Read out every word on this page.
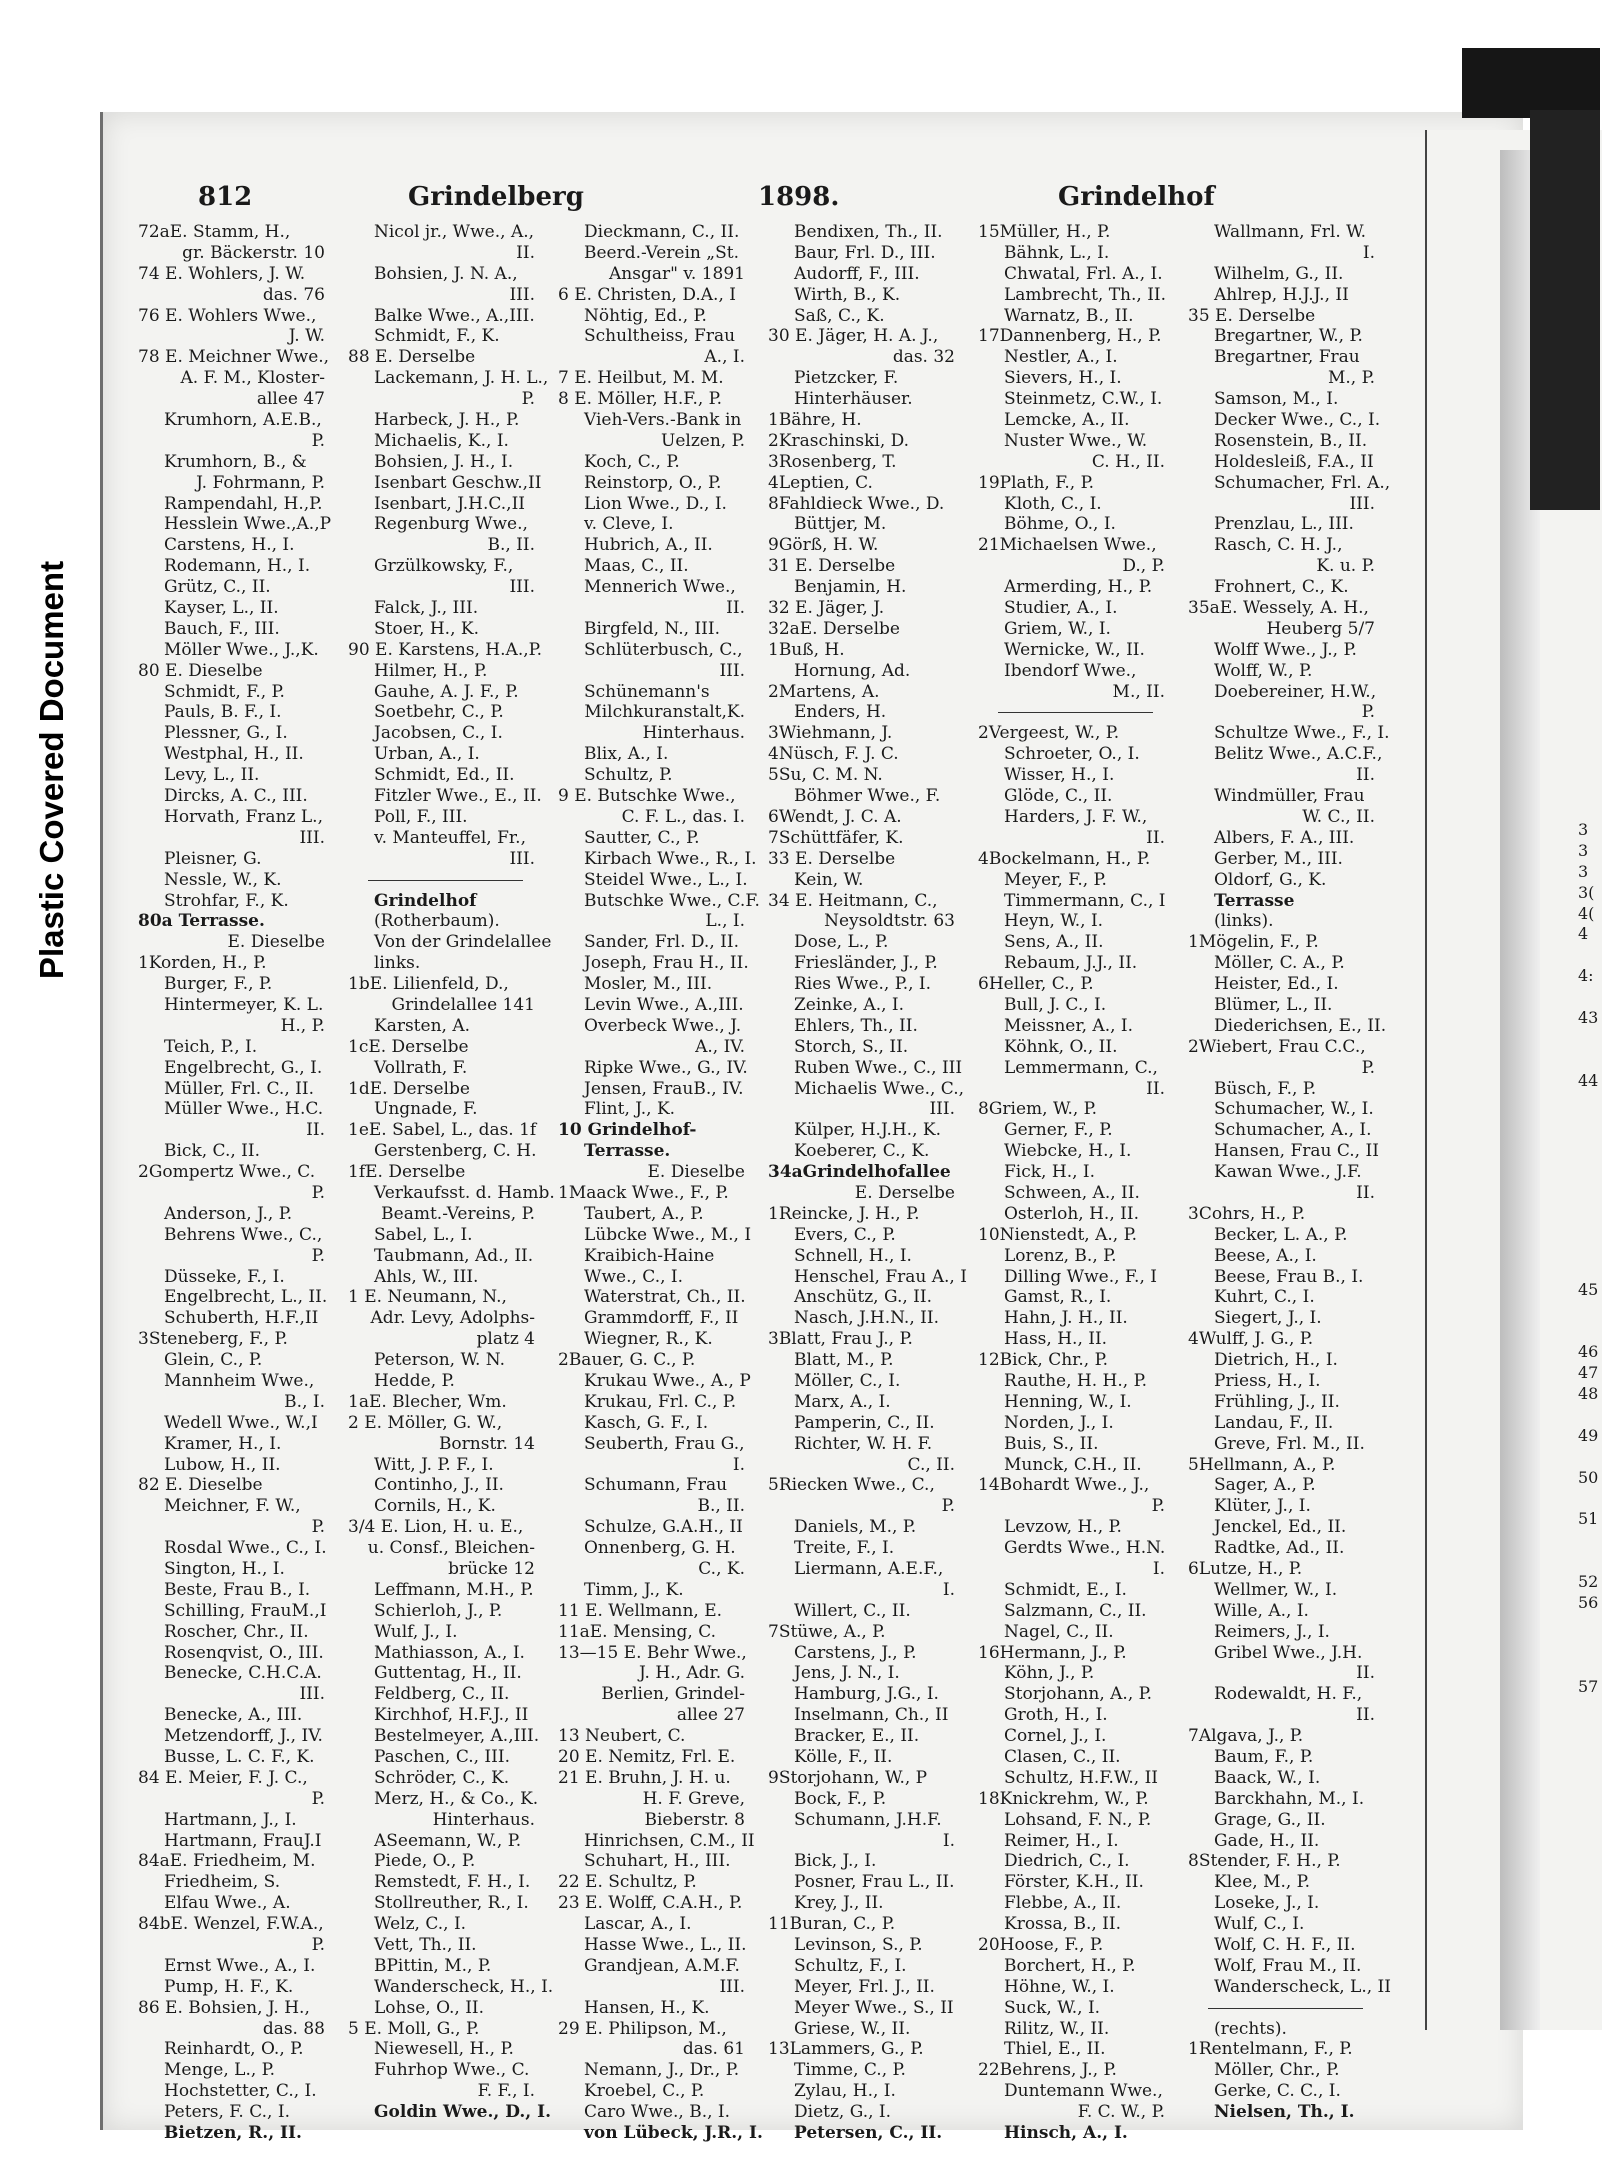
Plastic Covered Document
812	Grindelberg	1898.	Grindelhof
72aE. Stamm, H.,
gr. Bäckerstr. 10
74 E. Wohlers, J. W.
das. 76
76 E. Wohlers Wwe.,
J. W.
78 E. Meichner Wwe.,
A. F. M., Kloster-
allee 47
Krumhorn, A.E.B.,
P.
Krumhorn, B., &
J. Fohrmann, P.
Rampendahl, H.,P.
Hesslein Wwe.,A.,P
Carstens, H., I.
Rodemann, H., I.
Grütz, C., II.
Kayser, L., II.
Bauch, F., III.
Möller Wwe., J.,K.
80 E. Dieselbe
Schmidt, F., P.
Pauls, B. F., I.
Plessner, G., I.
Westphal, H., II.
Levy, L., II.
Dircks, A. C., III.
Horvath, Franz L.,
III.
Pleisner, G.
Nessle, W., K.
Strohfar, F., K.
80a Terrasse.
E. Dieselbe
1Korden, H., P.
Burger, F., P.
Hintermeyer, K. L.
H., P.
Teich, P., I.
Engelbrecht, G., I.
Müller, Frl. C., II.
Müller Wwe., H.C.
II.
Bick, C., II.
2Gompertz Wwe., C.
P.
Anderson, J., P.
Behrens Wwe., C.,
P.
Düsseke, F., I.
Engelbrecht, L., II.
Schuberth, H.F.,II
3Steneberg, F., P.
Glein, C., P.
Mannheim Wwe.,
B., I.
Wedell Wwe., W.,I
Kramer, H., I.
Lubow, H., II.
82 E. Dieselbe
Meichner, F. W.,
P.
Rosdal Wwe., C., I.
Sington, H., I.
Beste, Frau B., I.
Schilling, FrauM.,I
Roscher, Chr., II.
Rosenqvist, O., III.
Benecke, C.H.C.A.
III.
Benecke, A., III.
Metzendorff, J., IV.
Busse, L. C. F., K.
84 E. Meier, F. J. C.,
P.
Hartmann, J., I.
Hartmann, FrauJ.I
84aE. Friedheim, M.
Friedheim, S.
Elfau Wwe., A.
84bE. Wenzel, F.W.A.,
P.
Ernst Wwe., A., I.
Pump, H. F., K.
86 E. Bohsien, J. H.,
das. 88
Reinhardt, O., P.
Menge, L., P.
Hochstetter, C., I.
Peters, F. C., I.
Bietzen, R., II.
Nicol jr., Wwe., A.,
II.
Bohsien, J. N. A.,
III.
Balke Wwe., A.,III.
Schmidt, F., K.
88 E. Derselbe
Lackemann, J. H. L.,
P.
Harbeck, J. H., P.
Michaelis, K., I.
Bohsien, J. H., I.
Isenbart Geschw.,II
Isenbart, J.H.C.,II
Regenburg Wwe.,
B., II.
Grzülkowsky, F.,
III.
Falck, J., III.
Stoer, H., K.
90 E. Karstens, H.A.,P.
Hilmer, H., P.
Gauhe, A. J. F., P.
Soetbehr, C., P.
Jacobsen, C., I.
Urban, A., I.
Schmidt, Ed., II.
Fitzler Wwe., E., II.
Poll, F., III.
v. Manteuffel, Fr.,
III.
Grindelhof
(Rotherbaum).
Von der Grindelallee
links.
1bE. Lilienfeld, D.,
Grindelallee 141
Karsten, A.
1cE. Derselbe
Vollrath, F.
1dE. Derselbe
Ungnade, F.
1eE. Sabel, L., das. 1f
Gerstenberg, C. H.
1fE. Derselbe
Verkaufsst. d. Hamb.
Beamt.-Vereins, P.
Sabel, L., I.
Taubmann, Ad., II.
Ahls, W., III.
1 E. Neumann, N.,
Adr. Levy, Adolphs-
platz 4
Peterson, W. N.
Hedde, P.
1aE. Blecher, Wm.
2 E. Möller, G. W.,
Bornstr. 14
Witt, J. P. F., I.
Continho, J., II.
Cornils, H., K.
3/4 E. Lion, H. u. E.,
u. Consf., Bleichen-
brücke 12
Leffmann, M.H., P.
Schierloh, J., P.
Wulf, J., I.
Mathiasson, A., I.
Guttentag, H., II.
Feldberg, C., II.
Kirchhof, H.F.J., II
Bestelmeyer, A.,III.
Paschen, C., III.
Schröder, C., K.
Merz, H., & Co., K.
Hinterhaus.
ASeemann, W., P.
Piede, O., P.
Remstedt, F. H., I.
Stollreuther, R., I.
Welz, C., I.
Vett, Th., II.
BPittin, M., P.
Wanderscheck, H., I.
Lohse, O., II.
5 E. Moll, G., P.
Niewesell, H., P.
Fuhrhop Wwe., C.
F. F., I.
Goldin Wwe., D., I.
Dieckmann, C., II.
Beerd.-Verein „St.
Ansgar" v. 1891
6 E. Christen, D.A., I
Nöhtig, Ed., P.
Schultheiss, Frau
A., I.
7 E. Heilbut, M. M.
8 E. Möller, H.F., P.
Vieh-Vers.-Bank in
Uelzen, P.
Koch, C., P.
Reinstorp, O., P.
Lion Wwe., D., I.
v. Cleve, I.
Hubrich, A., II.
Maas, C., II.
Mennerich Wwe.,
II.
Birgfeld, N., III.
Schlüterbusch, C.,
III.
Schünemann's
Milchkuranstalt,K.
Hinterhaus.
Blix, A., I.
Schultz, P.
9 E. Butschke Wwe.,
C. F. L., das. I.
Sautter, C., P.
Kirbach Wwe., R., I.
Steidel Wwe., L., I.
Butschke Wwe., C.F.
L., I.
Sander, Frl. D., II.
Joseph, Frau H., II.
Mosler, M., III.
Levin Wwe., A.,III.
Overbeck Wwe., J.
A., IV.
Ripke Wwe., G., IV.
Jensen, FrauB., IV.
Flint, J., K.
10 Grindelhof-
Terrasse.
E. Dieselbe
1Maack Wwe., F., P.
Taubert, A., P.
Lübcke Wwe., M., I
Kraibich-Haine
Wwe., C., I.
Waterstrat, Ch., II.
Grammdorff, F., II
Wiegner, R., K.
2Bauer, G. C., P.
Krukau Wwe., A., P
Krukau, Frl. C., P.
Kasch, G. F., I.
Seuberth, Frau G.,
I.
Schumann, Frau
B., II.
Schulze, G.A.H., II
Onnenberg, G. H.
C., K.
Timm, J., K.
11 E. Wellmann, E.
11aE. Mensing, C.
13—15 E. Behr Wwe.,
J. H., Adr. G.
Berlien, Grindel-
allee 27
13 Neubert, C.
20 E. Nemitz, Frl. E.
21 E. Bruhn, J. H. u.
H. F. Greve,
Bieberstr. 8
Hinrichsen, C.M., II
Schuhart, H., III.
22 E. Schultz, P.
23 E. Wolff, C.A.H., P.
Lascar, A., I.
Hasse Wwe., L., II.
Grandjean, A.M.F.
III.
Hansen, H., K.
29 E. Philipson, M.,
das. 61
Nemann, J., Dr., P.
Kroebel, C., P.
Caro Wwe., B., I.
von Lübeck, J.R., I.
Bendixen, Th., II.
Baur, Frl. D., III.
Audorff, F., III.
Wirth, B., K.
Saß, C., K.
30 E. Jäger, H. A. J.,
das. 32
Pietzcker, F.
Hinterhäuser.
1Bähre, H.
2Kraschinski, D.
3Rosenberg, T.
4Leptien, C.
8Fahldieck Wwe., D.
Büttjer, M.
9Görß, H. W.
31 E. Derselbe
Benjamin, H.
32 E. Jäger, J.
32aE. Derselbe
1Buß, H.
Hornung, Ad.
2Martens, A.
Enders, H.
3Wiehmann, J.
4Nüsch, F. J. C.
5Su, C. M. N.
Böhmer Wwe., F.
6Wendt, J. C. A.
7Schüttfäfer, K.
33 E. Derselbe
Kein, W.
34 E. Heitmann, C.,
Neysoldtstr. 63
Dose, L., P.
Friesländer, J., P.
Ries Wwe., P., I.
Zeinke, A., I.
Ehlers, Th., II.
Storch, S., II.
Ruben Wwe., C., III
Michaelis Wwe., C.,
III.
Külper, H.J.H., K.
Koeberer, C., K.
34aGrindelhofallee
E. Derselbe
1Reincke, J. H., P.
Evers, C., P.
Schnell, H., I.
Henschel, Frau A., I
Anschütz, G., II.
Nasch, J.H.N., II.
3Blatt, Frau J., P.
Blatt, M., P.
Möller, C., I.
Marx, A., I.
Pamperin, C., II.
Richter, W. H. F.
C., II.
5Riecken Wwe., C.,
P.
Daniels, M., P.
Treite, F., I.
Liermann, A.E.F.,
I.
Willert, C., II.
7Stüwe, A., P.
Carstens, J., P.
Jens, J. N., I.
Hamburg, J.G., I.
Inselmann, Ch., II
Bracker, E., II.
Kölle, F., II.
9Storjohann, W., P
Bock, F., P.
Schumann, J.H.F.
I.
Bick, J., I.
Posner, Frau L., II.
Krey, J., II.
11Buran, C., P.
Levinson, S., P.
Schultz, F., I.
Meyer, Frl. J., II.
Meyer Wwe., S., II
Griese, W., II.
13Lammers, G., P.
Timme, C., P.
Zylau, H., I.
Dietz, G., I.
Petersen, C., II.
15Müller, H., P.
Bähnk, L., I.
Chwatal, Frl. A., I.
Lambrecht, Th., II.
Warnatz, B., II.
17Dannenberg, H., P.
Nestler, A., I.
Sievers, H., I.
Steinmetz, C.W., I.
Lemcke, A., II.
Nuster Wwe., W.
C. H., II.
19Plath, F., P.
Kloth, C., I.
Böhme, O., I.
21Michaelsen Wwe.,
D., P.
Armerding, H., P.
Studier, A., I.
Griem, W., I.
Wernicke, W., II.
Ibendorf Wwe.,
M., II.
2Vergeest, W., P.
Schroeter, O., I.
Wisser, H., I.
Glöde, C., II.
Harders, J. F. W.,
II.
4Bockelmann, H., P.
Meyer, F., P.
Timmermann, C., I
Heyn, W., I.
Sens, A., II.
Rebaum, J.J., II.
6Heller, C., P.
Bull, J. C., I.
Meissner, A., I.
Köhnk, O., II.
Lemmermann, C.,
II.
8Griem, W., P.
Gerner, F., P.
Wiebcke, H., I.
Fick, H., I.
Schween, A., II.
Osterloh, H., II.
10Nienstedt, A., P.
Lorenz, B., P.
Dilling Wwe., F., I
Gamst, R., I.
Hahn, J. H., II.
Hass, H., II.
12Bick, Chr., P.
Rauthe, H. H., P.
Henning, W., I.
Norden, J., I.
Buis, S., II.
Munck, C.H., II.
14Bohardt Wwe., J.,
P.
Levzow, H., P.
Gerdts Wwe., H.N.
I.
Schmidt, E., I.
Salzmann, C., II.
Nagel, C., II.
16Hermann, J., P.
Köhn, J., P.
Storjohann, A., P.
Groth, H., I.
Cornel, J., I.
Clasen, C., II.
Schultz, H.F.W., II
18Knickrehm, W., P.
Lohsand, F. N., P.
Reimer, H., I.
Diedrich, C., I.
Förster, K.H., II.
Flebbe, A., II.
Krossa, B., II.
20Hoose, F., P.
Borchert, H., P.
Höhne, W., I.
Suck, W., I.
Rilitz, W., II.
Thiel, E., II.
22Behrens, J., P.
Duntemann Wwe.,
F. C. W., P.
Hinsch, A., I.
Wallmann, Frl. W.
I.
Wilhelm, G., II.
Ahlrep, H.J.J., II
35 E. Derselbe
Bregartner, W., P.
Bregartner, Frau
M., P.
Samson, M., I.
Decker Wwe., C., I.
Rosenstein, B., II.
Holdesleiß, F.A., II
Schumacher, Frl. A.,
III.
Prenzlau, L., III.
Rasch, C. H. J.,
K. u. P.
Frohnert, C., K.
35aE. Wessely, A. H.,
Heuberg 5/7
Wolff Wwe., J., P.
Wolff, W., P.
Doebereiner, H.W.,
P.
Schultze Wwe., F., I.
Belitz Wwe., A.C.F.,
II.
Windmüller, Frau
W. C., II.
Albers, F. A., III.
Gerber, M., III.
Oldorf, G., K.
Terrasse
(links).
1Mögelin, F., P.
Möller, C. A., P.
Heister, Ed., I.
Blümer, L., II.
Diederichsen, E., II.
2Wiebert, Frau C.C.,
P.
Büsch, F., P.
Schumacher, W., I.
Schumacher, A., I.
Hansen, Frau C., II
Kawan Wwe., J.F.
II.
3Cohrs, H., P.
Becker, L. A., P.
Beese, A., I.
Beese, Frau B., I.
Kuhrt, C., I.
Siegert, J., I.
4Wulff, J. G., P.
Dietrich, H., I.
Priess, H., I.
Frühling, J., II.
Landau, F., II.
Greve, Frl. M., II.
5Hellmann, A., P.
Sager, A., P.
Klüter, J., I.
Jenckel, Ed., II.
Radtke, Ad., II.
6Lutze, H., P.
Wellmer, W., I.
Wille, A., I.
Reimers, J., I.
Gribel Wwe., J.H.
II.
Rodewaldt, H. F.,
II.
7Algava, J., P.
Baum, F., P.
Baack, W., I.
Barckhahn, M., I.
Grage, G., II.
Gade, H., II.
8Stender, F. H., P.
Klee, M., P.
Loseke, J., I.
Wulf, C., I.
Wolf, C. H. F., II.
Wolf, Frau M., II.
Wanderscheck, L., II
(rechts).
1Rentelmann, F., P.
Möller, Chr., P.
Gerke, C. C., I.
Nielsen, Th., I.
3
3
3
3(
4(
4
4:
43
44
45
46
47
48
49
50
51
52
56
57
